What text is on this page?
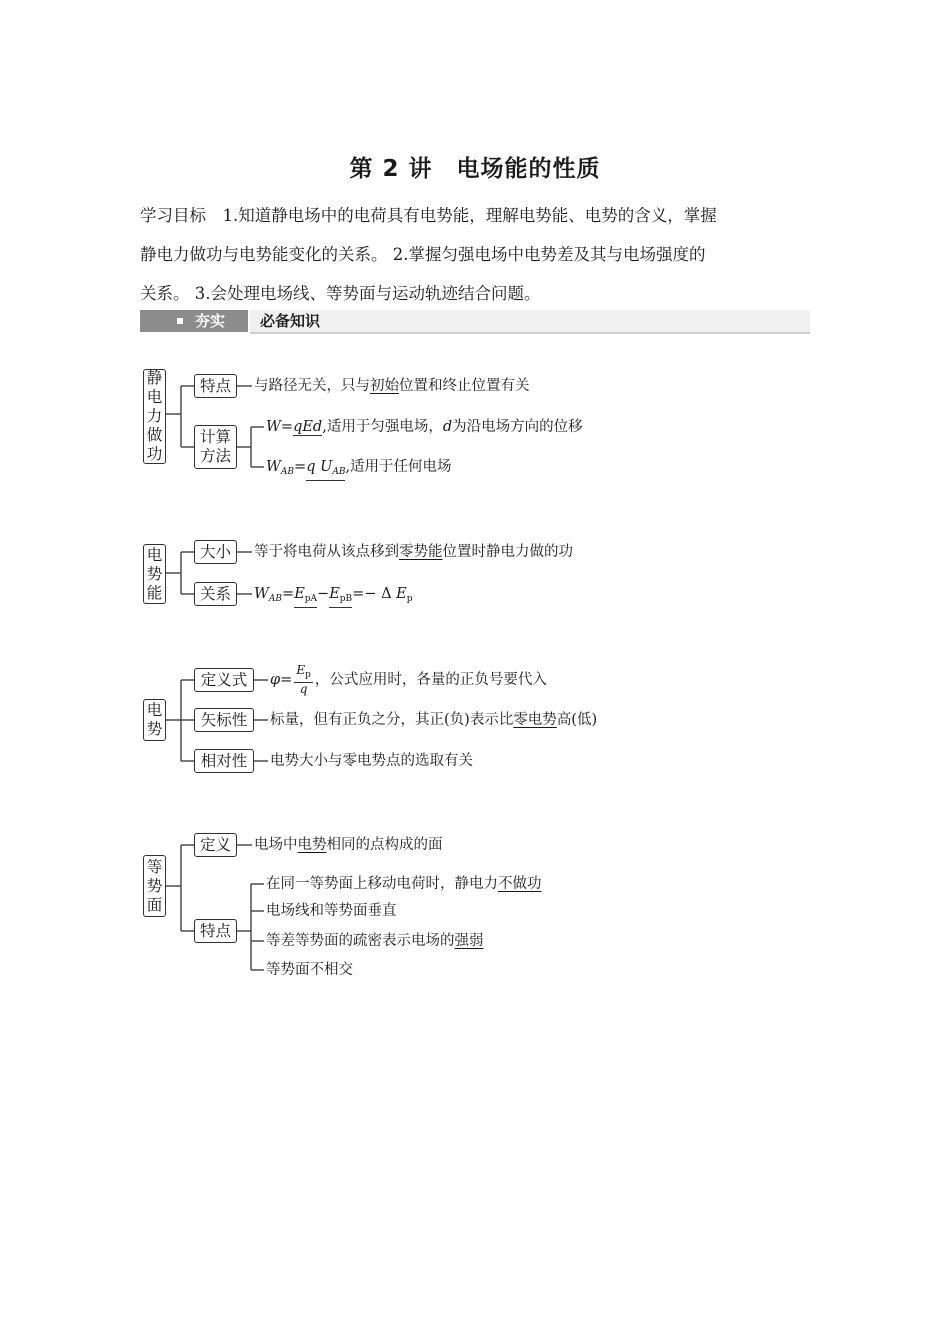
第 2 讲　电场能的性质

学习目标　1.知道静电场中的电荷具有电势能，理解电势能、电势的含义，掌握

静电力做功与电势能变化的关系。 2.掌握匀强电场中电势差及其与电场强度的

关系。 3.会处理电场线、等势面与运动轨迹结合问题。

夯实 必备知识
静
电
力
做
功
特点	与路径无关，只与初始位置和终止位置有关
计算
方法
W=qEd,适用于匀强电场，d为沿电场方向的位移
$W_{AB}=q$ $U_{AB}$,适用于任何电场
电
势
能
大小	等于将电荷从该点移到零势能位置时静电力做的功
关系	$W_{AB}=E_{pA}-E_{pB}=- \Delta$ $E_p$
电
势
定义式	$\varphi = \frac{E_p}{q}$ ，公式应用时，各量的正负号要代入
矢标性	标量，但有正负之分，其正(负)表示比零电势高(低)
相对性	电势大小与零电势点的选取有关
等
势
面
定义	电场中电势相同的点构成的面
特点
在同一等势面上移动电荷时，静电力不做功
电场线和等势面垂直
等差等势面的疏密表示电场的强弱
等势面不相交
